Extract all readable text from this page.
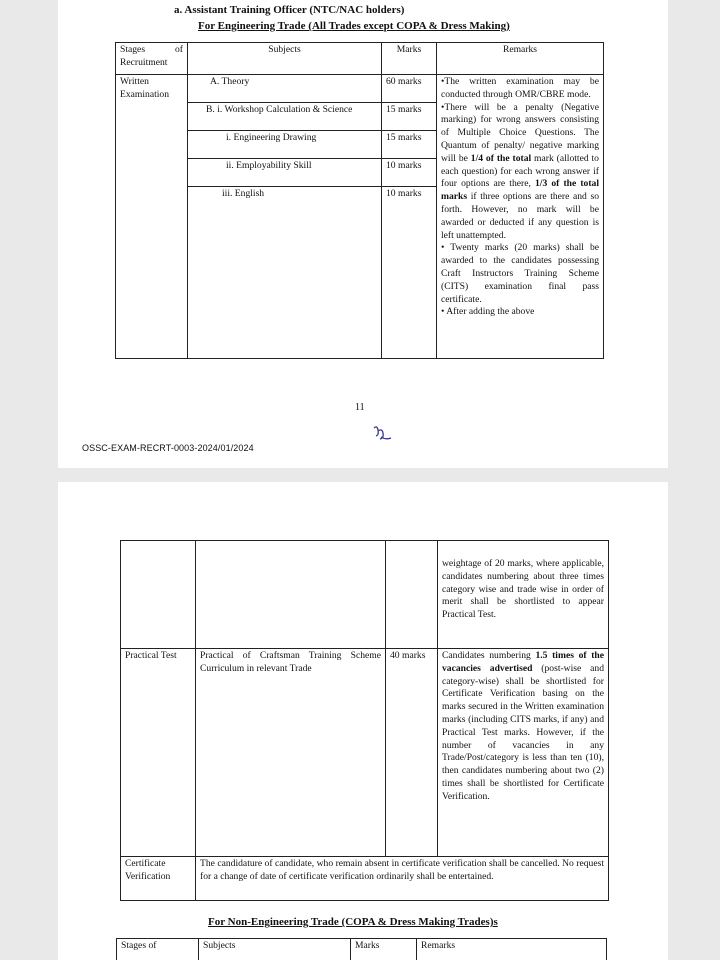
a. Assistant Training Officer (NTC/NAC holders)
For Engineering Trade (All Trades except COPA & Dress Making)
Stages of Recruitment	Subjects	Marks	Remarks
Written Examination	A. Theory	60 marks	•The written examination may be conducted through OMR/CBRE mode.

•There will be a penalty (Negative marking) for wrong answers consisting of Multiple Choice Questions. The Quantum of penalty/ negative marking will be 1/4 of the total mark (allotted to each question) for each wrong answer if four options are there, 1/3 of the total marks if three options are there and so forth. However, no mark will be awarded or deducted if any question is left unattempted.

• Twenty marks (20 marks) shall be awarded to the candidates possessing Craft Instructors Training Scheme (CITS) examination final pass certificate.

• After adding the above

	B. i. Workshop Calculation & Science	15 marks	
	i. Engineering Drawing	15 marks	
	ii. Employability Skill	10 marks	
	iii. English	10 marks	
11
OSSC-EXAM-RECRT-0003-2024/01/2024

			weightage of 20 marks, where applicable, candidates numbering about three times category wise and trade wise in order of merit shall be shortlisted to appear Practical Test.

Practical Test	Practical of Craftsman Training Scheme Curriculum in relevant Trade	40 marks	Candidates numbering 1.5 times of the vacancies advertised (post-wise and category-wise) shall be shortlisted for Certificate Verification basing on the marks secured in the Written examination marks (including CITS marks, if any) and Practical Test marks. However, if the number of vacancies in any Trade/Post/category is less than ten (10), then candidates numbering about two (2) times shall be shortlisted for Certificate Verification.

Certificate Verification	The candidature of candidate, who remain absent in certificate verification shall be cancelled. No request for a change of date of certificate verification ordinarily shall be entertained.		
For Non-Engineering Trade (COPA & Dress Making Trades)s
Stages of	Subjects	Marks	Remarks
